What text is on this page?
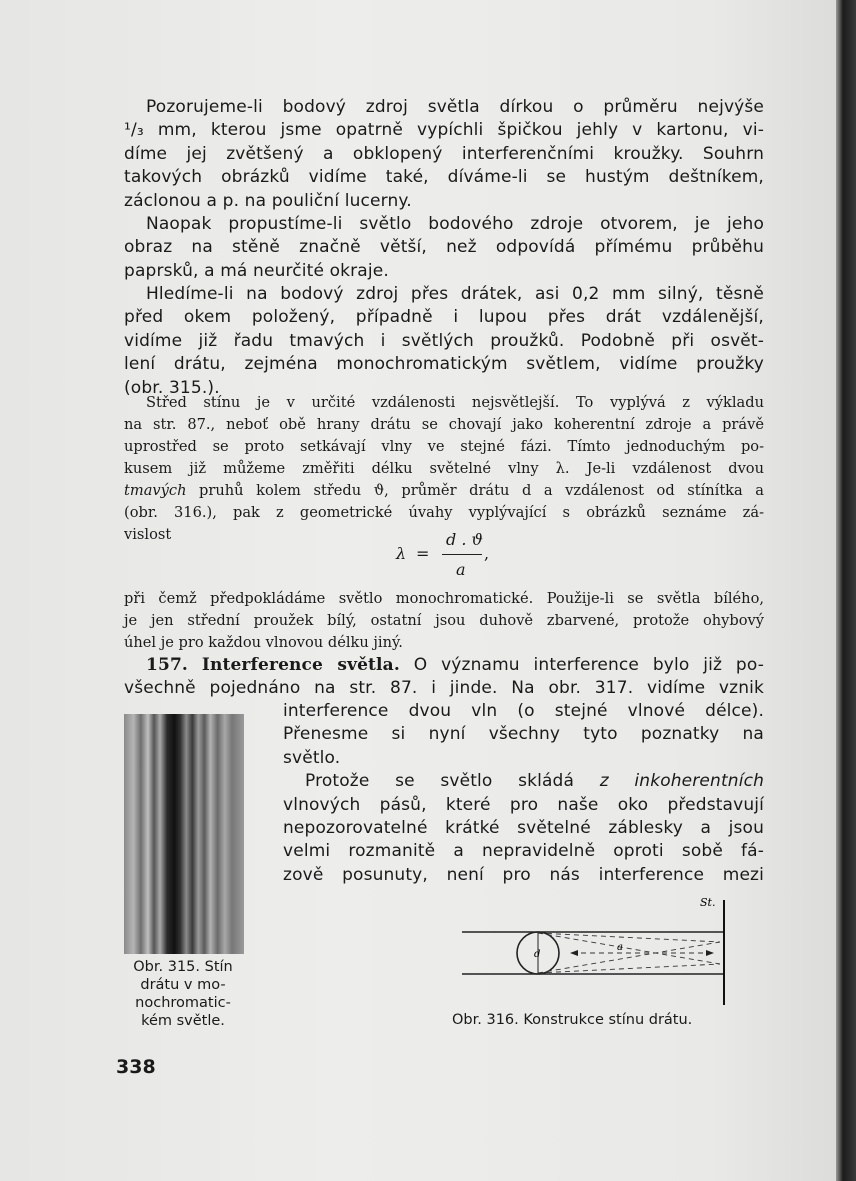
Pozorujeme-li bodový zdroj světla dírkou o průměru nejvýše
¹/₃ mm, kterou jsme opatrně vypíchli špičkou jehly v kartonu, vi-
díme jej zvětšený a obklopený interferenčními kroužky. Souhrn
takových obrázků vidíme také, díváme-li se hustým deštníkem,
záclonou a p. na pouliční lucerny.
Naopak propustíme-li světlo bodového zdroje otvorem, je jeho
obraz na stěně značně větší, než odpovídá přímému průběhu
paprsků, a má neurčité okraje.
Hledíme-li na bodový zdroj přes drátek, asi 0,2 mm silný, těsně
před okem položený, případně i lupou přes drát vzdálenější,
vidíme již řadu tmavých i světlých proužků. Podobně při osvět-
lení drátu, zejména monochromatickým světlem, vidíme proužky
(obr. 315.).
Střed stínu je v určité vzdálenosti nejsvětlejší. To vyplývá z výkladu
na str. 87., neboť obě hrany drátu se chovají jako koherentní zdroje a právě
uprostřed se proto setkávají vlny ve stejné fázi. Tímto jednoduchým po-
kusem již můžeme změřiti délku světelné vlny λ. Je-li vzdálenost dvou
tmavých pruhů kolem středu ϑ, průměr drátu d a vzdálenost od stínítka a
(obr. 316.), pak z geometrické úvahy vyplývající s obrázků seznáme zá-
vislost
λ =
d . ϑ
a
,
při čemž předpokládáme světlo monochromatické. Použije-li se světla bílého,
je jen střední proužek bílý, ostatní jsou duhově zbarvené, protože ohybový
úhel je pro každou vlnovou délku jiný.
157. Interference světla. O významu interference bylo již po-
všechně pojednáno na str. 87. i jinde. Na obr. 317. vidíme vznik
interference dvou vln (o stejné vlnové délce).
Přenesme si nyní všechny tyto poznatky na
světlo.
Protože se světlo skládá z inkoherentních
vlnových pásů, které pro naše oko představují
nepozorovatelné krátké světelné záblesky a jsou
velmi rozmanitě a nepravidelně oproti sobě fá-
zově posunuty, není pro nás interference mezi
Obr. 315. Stín
drátu v mo-
nochromatic-
kém světle.
St.
d
a
Obr. 316. Konstrukce stínu drátu.
338
